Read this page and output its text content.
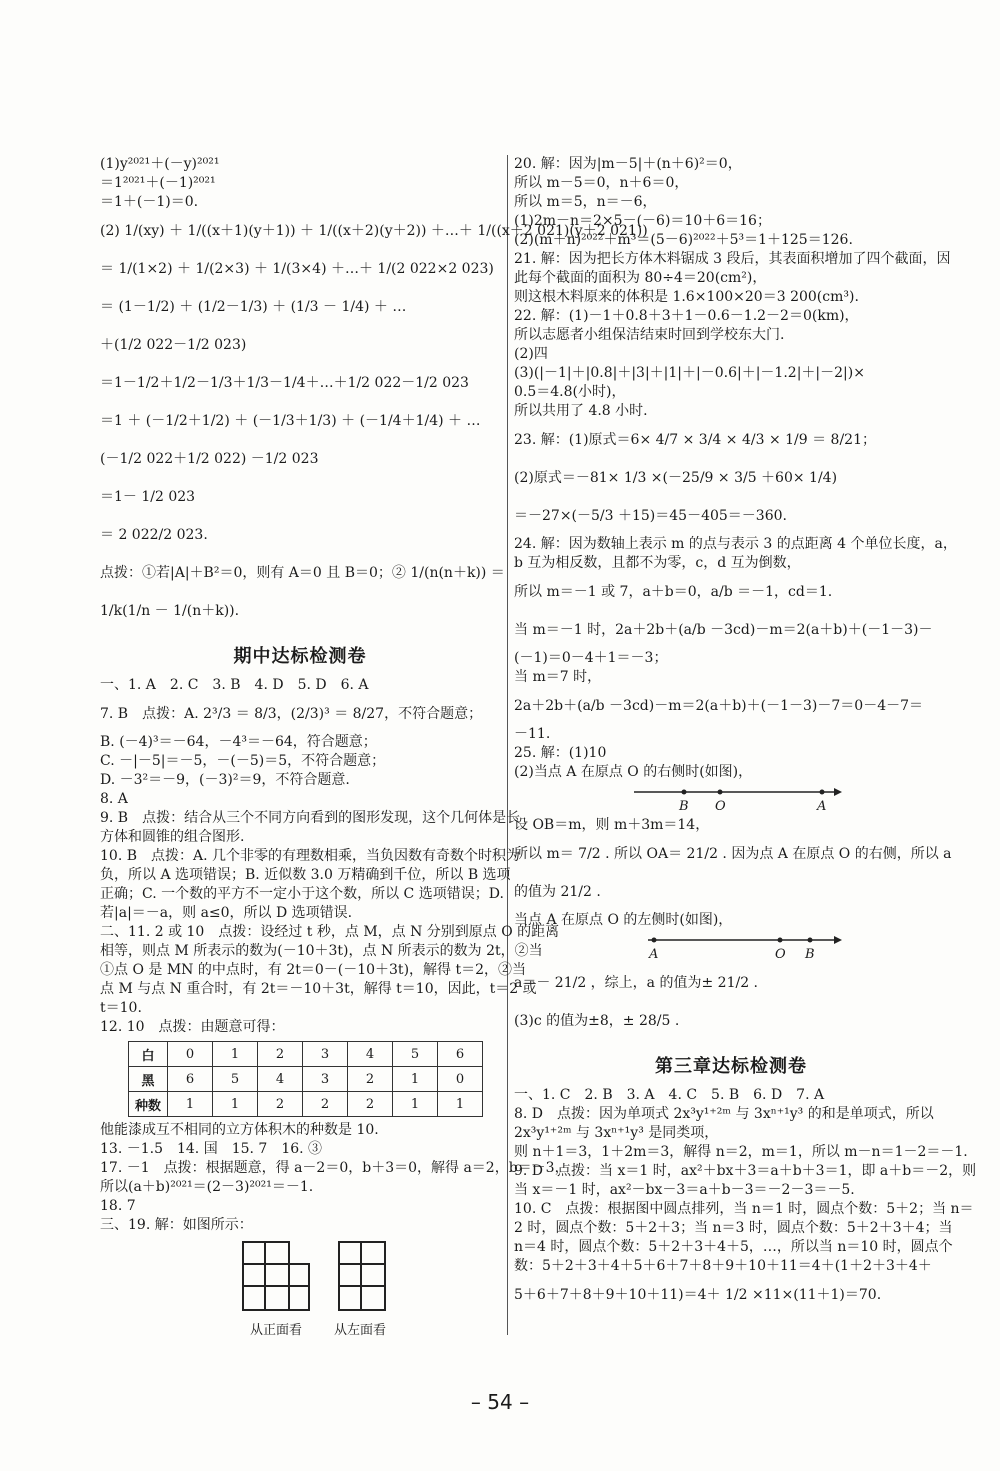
(1)y²⁰²¹＋(－y)²⁰²¹
＝1²⁰²¹＋(－1)²⁰²¹
＝1＋(－1)＝0.
(2) 1/(xy) ＋ 1/((x＋1)(y＋1)) ＋ 1/((x＋2)(y＋2)) ＋…＋ 1/((x＋2 021)(y＋2 021))
＝ 1/(1×2) ＋ 1/(2×3) ＋ 1/(3×4) ＋…＋ 1/(2 022×2 023)
＝ (1－1/2) ＋ (1/2－1/3) ＋ (1/3 － 1/4) ＋ …
＋(1/2 022－1/2 023)
＝1－1/2＋1/2－1/3＋1/3－1/4＋…＋1/2 022－1/2 023
＝1 ＋ (－1/2＋1/2) ＋ (－1/3＋1/3) ＋ (－1/4＋1/4) ＋ …
(－1/2 022＋1/2 022) －1/2 023
＝1－ 1/2 023
＝ 2 022/2 023.
点拨：①若|A|＋B²＝0，则有 A＝0 且 B＝0；② 1/(n(n＋k)) ＝
1/k(1/n － 1/(n＋k)).
期中达标检测卷
一、1. A　2. C　3. B　4. D　5. D　6. A
7. B　点拨：A. 2³/3 ＝ 8/3，(2/3)³ ＝ 8/27，不符合题意；
B. (－4)³＝－64，－4³＝－64，符合题意；
C. －|－5|＝－5，－(－5)＝5，不符合题意；
D. －3²＝－9，(－3)²＝9，不符合题意.
8. A
9. B　点拨：结合从三个不同方向看到的图形发现，这个几何体是长
方体和圆锥的组合图形.
10. B　点拨：A. 几个非零的有理数相乘，当负因数有奇数个时积为
负，所以 A 选项错误；B. 近似数 3.0 万精确到千位，所以 B 选项
正确；C. 一个数的平方不一定小于这个数，所以 C 选项错误；D.
若|a|＝－a，则 a≤0，所以 D 选项错误.
二、11. 2 或 10　点拨：设经过 t 秒，点 M，点 N 分别到原点 O 的距离
相等，则点 M 所表示的数为(－10＋3t)，点 N 所表示的数为 2t，②当
①点 O 是 MN 的中点时，有 2t＝0－(－10＋3t)，解得 t＝2，②当
点 M 与点 N 重合时，有 2t＝－10＋3t，解得 t＝10，因此，t＝2 或
t＝10.
12. 10　点拨：由题意可得：
白	0	1	2	3	4	5	6
黑	6	5	4	3	2	1	0
种数	1	1	2	2	2	1	1
他能漆成互不相同的立方体积木的种数是 10.
13. －1.5　14. 国　15. 7　16. ③
17. －1　点拨：根据题意，得 a－2＝0，b＋3＝0，解得 a＝2，b＝－3，
所以(a＋b)²⁰²¹＝(2－3)²⁰²¹＝－1.
18. 7
三、19. 解：如图所示：
从正面看 从左面看
20. 解：因为|m－5|＋(n＋6)²＝0，
所以 m－5＝0，n＋6＝0，
所以 m＝5，n＝－6，
(1)2m－n＝2×5－(－6)＝10＋6＝16；
(2)(m＋n)²⁰²²＋m³＝(5－6)²⁰²²＋5³＝1＋125＝126.
21. 解：因为把长方体木料锯成 3 段后，其表面积增加了四个截面，因
此每个截面的面积为 80÷4＝20(cm²)，
则这根木料原来的体积是 1.6×100×20＝3 200(cm³).
22. 解：(1)－1＋0.8＋3＋1－0.6－1.2－2＝0(km)，
所以志愿者小组保洁结束时回到学校东大门.
(2)四
(3)(|－1|＋|0.8|＋|3|＋|1|＋|－0.6|＋|－1.2|＋|－2|)×
0.5＝4.8(小时)，
所以共用了 4.8 小时.
23. 解：(1)原式＝6× 4/7 × 3/4 × 4/3 × 1/9 ＝ 8/21；
(2)原式＝－81× 1/3 ×(－25/9 × 3/5 ＋60× 1/4)
＝－27×(－5/3 ＋15)＝45－405＝－360.
24. 解：因为数轴上表示 m 的点与表示 3 的点距离 4 个单位长度，a，
b 互为相反数，且都不为零，c，d 互为倒数，
所以 m＝－1 或 7，a＋b＝0，a/b ＝－1，cd＝1.
当 m＝－1 时，2a＋2b＋(a/b －3cd)－m＝2(a＋b)＋(－1－3)－
(－1)＝0－4＋1＝－3；
当 m＝7 时，
2a＋2b＋(a/b －3cd)－m＝2(a＋b)＋(－1－3)－7＝0－4－7＝
－11.
25. 解：(1)10
(2)当点 A 在原点 O 的右侧时(如图)，
B O	A
设 OB＝m，则 m＋3m＝14，
所以 m＝ 7/2 . 所以 OA＝ 21/2 . 因为点 A 在原点 O 的右侧，所以 a
的值为 21/2 .
当点 A 在原点 O 的左侧时(如图)，
A	O B
a＝－ 21/2 ，综上，a 的值为± 21/2 .
(3)c 的值为±8，± 28/5 .
第三章达标检测卷
一、1. C　2. B　3. A　4. C　5. B　6. D　7. A
8. D　点拨：因为单项式 2x³y¹⁺²ᵐ 与 3xⁿ⁺¹y³ 的和是单项式，所以
2x³y¹⁺²ᵐ 与 3xⁿ⁺¹y³ 是同类项，
则 n＋1＝3，1＋2m＝3，解得 n＝2，m＝1，所以 m－n＝1－2＝－1.
9. D　点拨：当 x＝1 时，ax²＋bx＋3＝a＋b＋3＝1，即 a＋b＝－2，则
当 x＝－1 时，ax²－bx－3＝a＋b－3＝－2－3＝－5.
10. C　点拨：根据图中圆点排列，当 n＝1 时，圆点个数：5＋2；当 n＝
2 时，圆点个数：5＋2＋3；当 n＝3 时，圆点个数：5＋2＋3＋4；当
n＝4 时，圆点个数：5＋2＋3＋4＋5，…，所以当 n＝10 时，圆点个
数：5＋2＋3＋4＋5＋6＋7＋8＋9＋10＋11＝4＋(1＋2＋3＋4＋
5＋6＋7＋8＋9＋10＋11)＝4＋ 1/2 ×11×(11＋1)＝70.
– 54 –
